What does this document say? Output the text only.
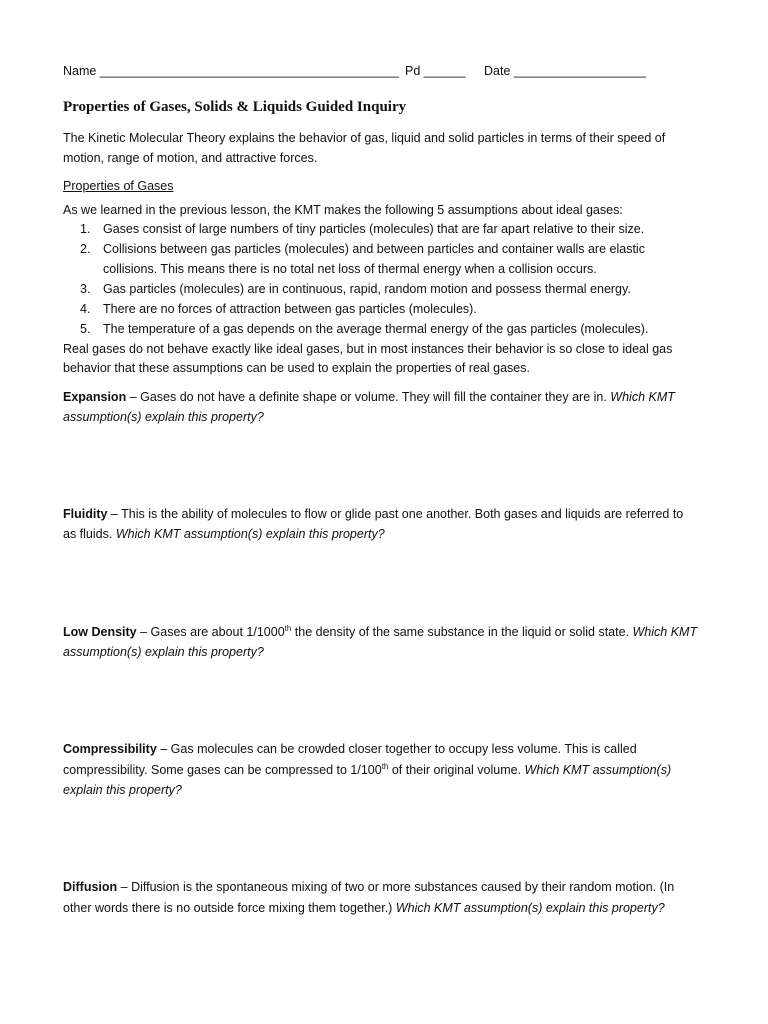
Name ___________________________________________ Pd ______ Date ___________________
Properties of Gases, Solids & Liquids Guided Inquiry
The Kinetic Molecular Theory explains the behavior of gas, liquid and solid particles in terms of their speed of
motion, range of motion, and attractive forces.
Properties of Gases
As we learned in the previous lesson, the KMT makes the following 5 assumptions about ideal gases:
1. Gases consist of large numbers of tiny particles (molecules) that are far apart relative to their size.
2. Collisions between gas particles (molecules) and between particles and container walls are elastic
collisions. This means there is no total net loss of thermal energy when a collision occurs.
3. Gas particles (molecules) are in continuous, rapid, random motion and possess thermal energy.
4. There are no forces of attraction between gas particles (molecules).
5. The temperature of a gas depends on the average thermal energy of the gas particles (molecules).
Real gases do not behave exactly like ideal gases, but in most instances their behavior is so close to ideal gas
behavior that these assumptions can be used to explain the properties of real gases.
Expansion – Gases do not have a definite shape or volume. They will fill the container they are in. Which KMT
assumption(s) explain this property?
Fluidity – This is the ability of molecules to flow or glide past one another. Both gases and liquids are referred to
as fluids. Which KMT assumption(s) explain this property?
Low Density – Gases are about 1/1000th the density of the same substance in the liquid or solid state. Which KMT
assumption(s) explain this property?
Compressibility – Gas molecules can be crowded closer together to occupy less volume. This is called
compressibility. Some gases can be compressed to 1/100th of their original volume. Which KMT assumption(s)
explain this property?
Diffusion – Diffusion is the spontaneous mixing of two or more substances caused by their random motion. (In
other words there is no outside force mixing them together.) Which KMT assumption(s) explain this property?
